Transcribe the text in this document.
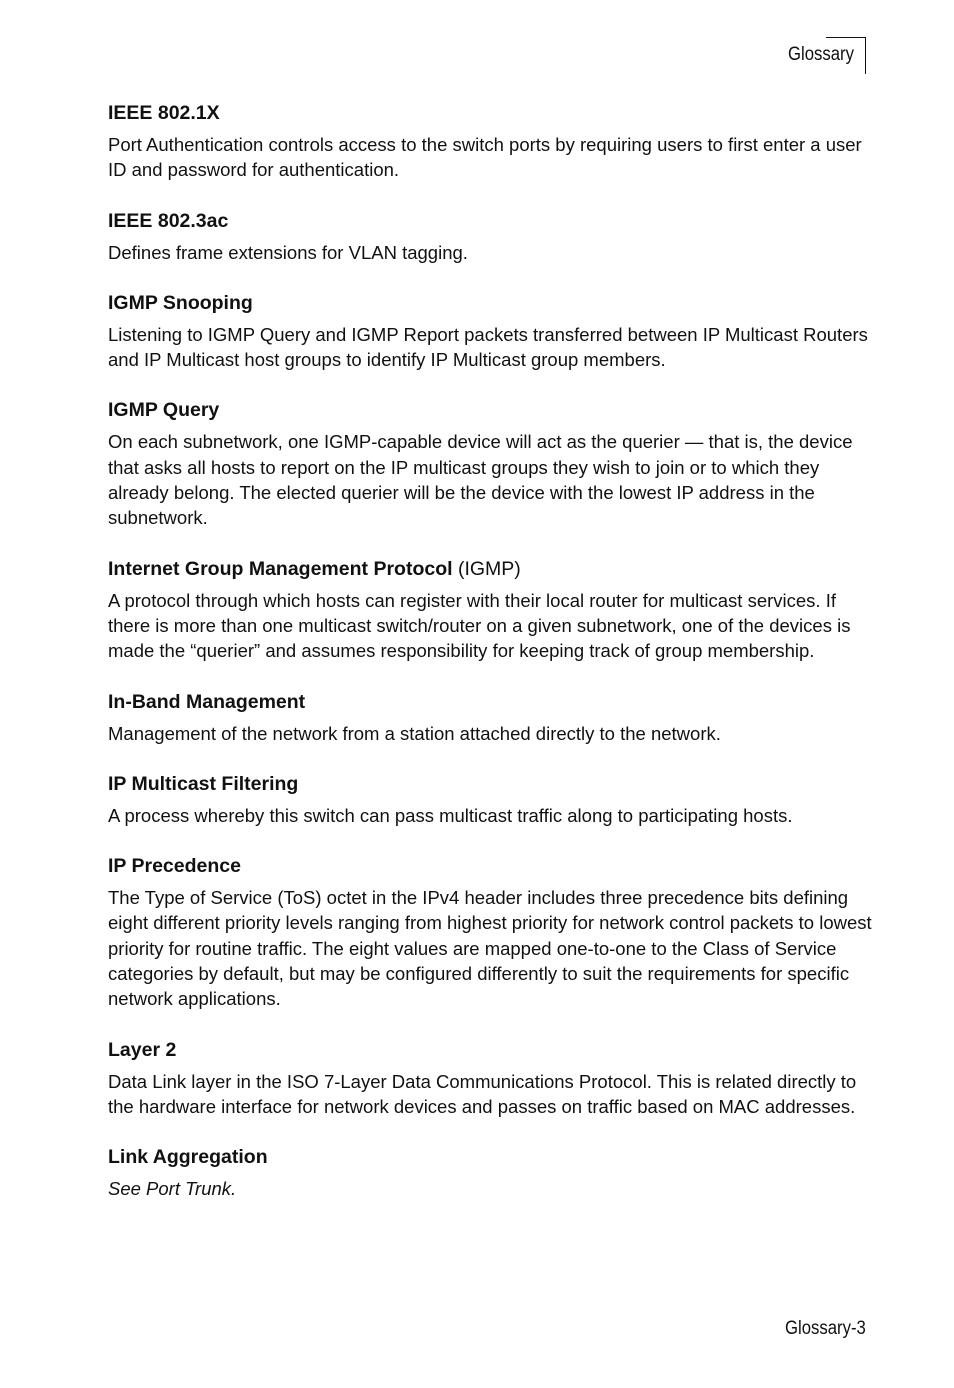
Glossary
IEEE 802.1X

Port Authentication controls access to the switch ports by requiring users to first enter a user ID and password for authentication.

IEEE 802.3ac

Defines frame extensions for VLAN tagging.

IGMP Snooping

Listening to IGMP Query and IGMP Report packets transferred between IP Multicast Routers and IP Multicast host groups to identify IP Multicast group members.

IGMP Query

On each subnetwork, one IGMP-capable device will act as the querier — that is, the device that asks all hosts to report on the IP multicast groups they wish to join or to which they already belong. The elected querier will be the device with the lowest IP address in the subnetwork.

Internet Group Management Protocol (IGMP)

A protocol through which hosts can register with their local router for multicast services. If there is more than one multicast switch/router on a given subnetwork, one of the devices is made the “querier” and assumes responsibility for keeping track of group membership.

In-Band Management

Management of the network from a station attached directly to the network.

IP Multicast Filtering

A process whereby this switch can pass multicast traffic along to participating hosts.

IP Precedence

The Type of Service (ToS) octet in the IPv4 header includes three precedence bits defining eight different priority levels ranging from highest priority for network control packets to lowest priority for routine traffic. The eight values are mapped one-to-one to the Class of Service categories by default, but may be configured differently to suit the requirements for specific network applications.

Layer 2

Data Link layer in the ISO 7-Layer Data Communications Protocol. This is related directly to the hardware interface for network devices and passes on traffic based on MAC addresses.

Link Aggregation

See Port Trunk.

Glossary-3
